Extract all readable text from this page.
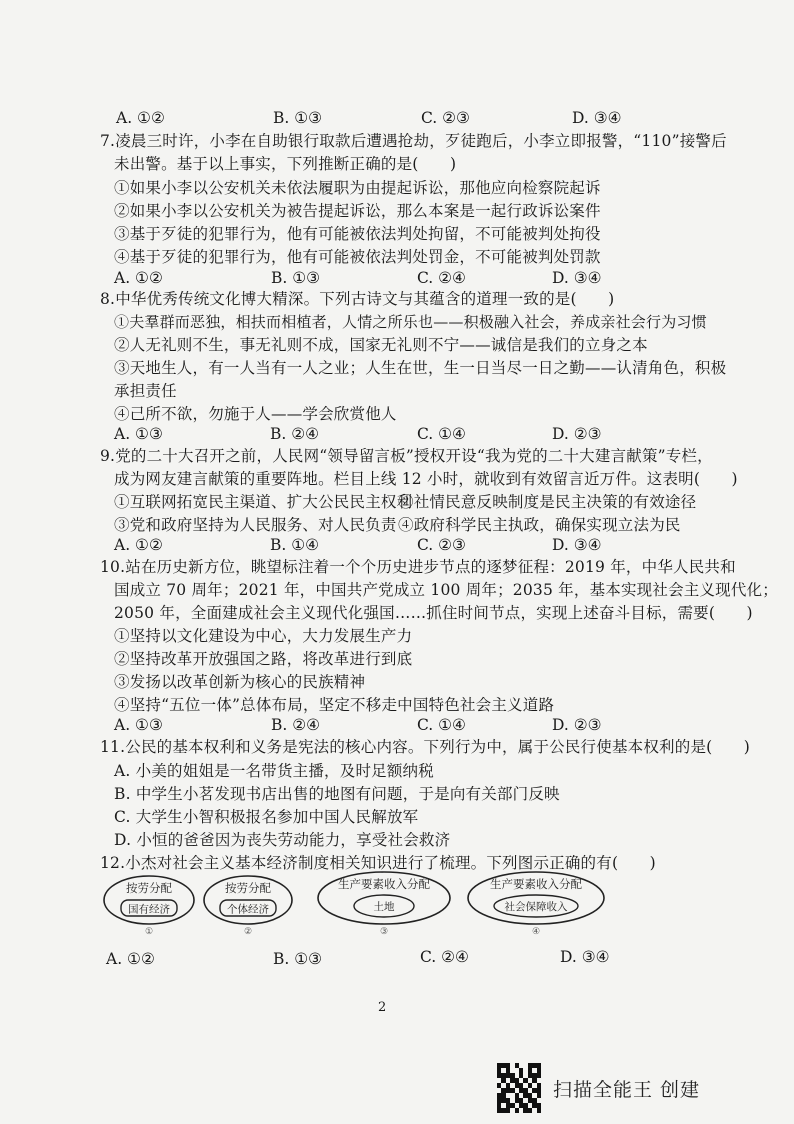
A. ①②	B. ①③	C. ②③	D. ③④
7.凌晨三时许，小李在自助银行取款后遭遇抢劫，歹徒跑后，小李立即报警，“110”接警后
未出警。基于以上事实，下列推断正确的是(　　)
①如果小李以公安机关未依法履职为由提起诉讼，那他应向检察院起诉
②如果小李以公安机关为被告提起诉讼，那么本案是一起行政诉讼案件
③基于歹徒的犯罪行为，他有可能被依法判处拘留，不可能被判处拘役
④基于歹徒的犯罪行为，他有可能被依法判处罚金，不可能被判处罚款
A. ①②	B. ①③	C. ②④	D. ③④
8.中华优秀传统文化博大精深。下列古诗文与其蕴含的道理一致的是(　　)
①夫羣群而恶独，相扶而相植者，人情之所乐也——积极融入社会，养成亲社会行为习惯
②人无礼则不生，事无礼则不成，国家无礼则不宁——诚信是我们的立身之本
③天地生人，有一人当有一人之业；人生在世，生一日当尽一日之勤——认清角色，积极
承担责任
④己所不欲，勿施于人——学会欣赏他人
A. ①③	B. ②④	C. ①④	D. ②③
9.党的二十大召开之前，人民网“领导留言板”授权开设“我为党的二十大建言献策”专栏，
成为网友建言献策的重要阵地。栏目上线 12 小时，就收到有效留言近万件。这表明(　　)
①互联网拓宽民主渠道、扩大公民民主权利
②社情民意反映制度是民主决策的有效途径
③党和政府坚持为人民服务、对人民负责 ④政府科学民主执政，确保实现立法为民
A. ①②	B. ①④	C. ②③	D. ③④
10.站在历史新方位，眺望标注着一个个历史进步节点的逐梦征程：2019 年，中华人民共和
国成立 70 周年；2021 年，中国共产党成立 100 周年；2035 年，基本实现社会主义现代化；
2050 年，全面建成社会主义现代化强国……抓住时间节点，实现上述奋斗目标，需要(　　)
①坚持以文化建设为中心，大力发展生产力
②坚持改革开放强国之路，将改革进行到底
③发扬以改革创新为核心的民族精神
④坚持“五位一体”总体布局，坚定不移走中国特色社会主义道路
A. ①③	B. ②④	C. ①④	D. ②③
11.公民的基本权利和义务是宪法的核心内容。下列行为中，属于公民行使基本权利的是(　　)
A. 小美的姐姐是一名带货主播，及时足额纳税
B. 中学生小茗发现书店出售的地图有问题，于是向有关部门反映
C. 大学生小智积极报名参加中国人民解放军
D. 小恒的爸爸因为丧失劳动能力，享受社会救济
12.小杰对社会主义基本经济制度相关知识进行了梳理。下列图示正确的有(　　)
按劳分配
国有经济
①
按劳分配
个体经济
②
生产要素收入分配
土地
③
生产要素收入分配
社会保障收入
④
A. ①②	B. ①③	C. ②④	D. ③④
2
扫描全能王 创建
